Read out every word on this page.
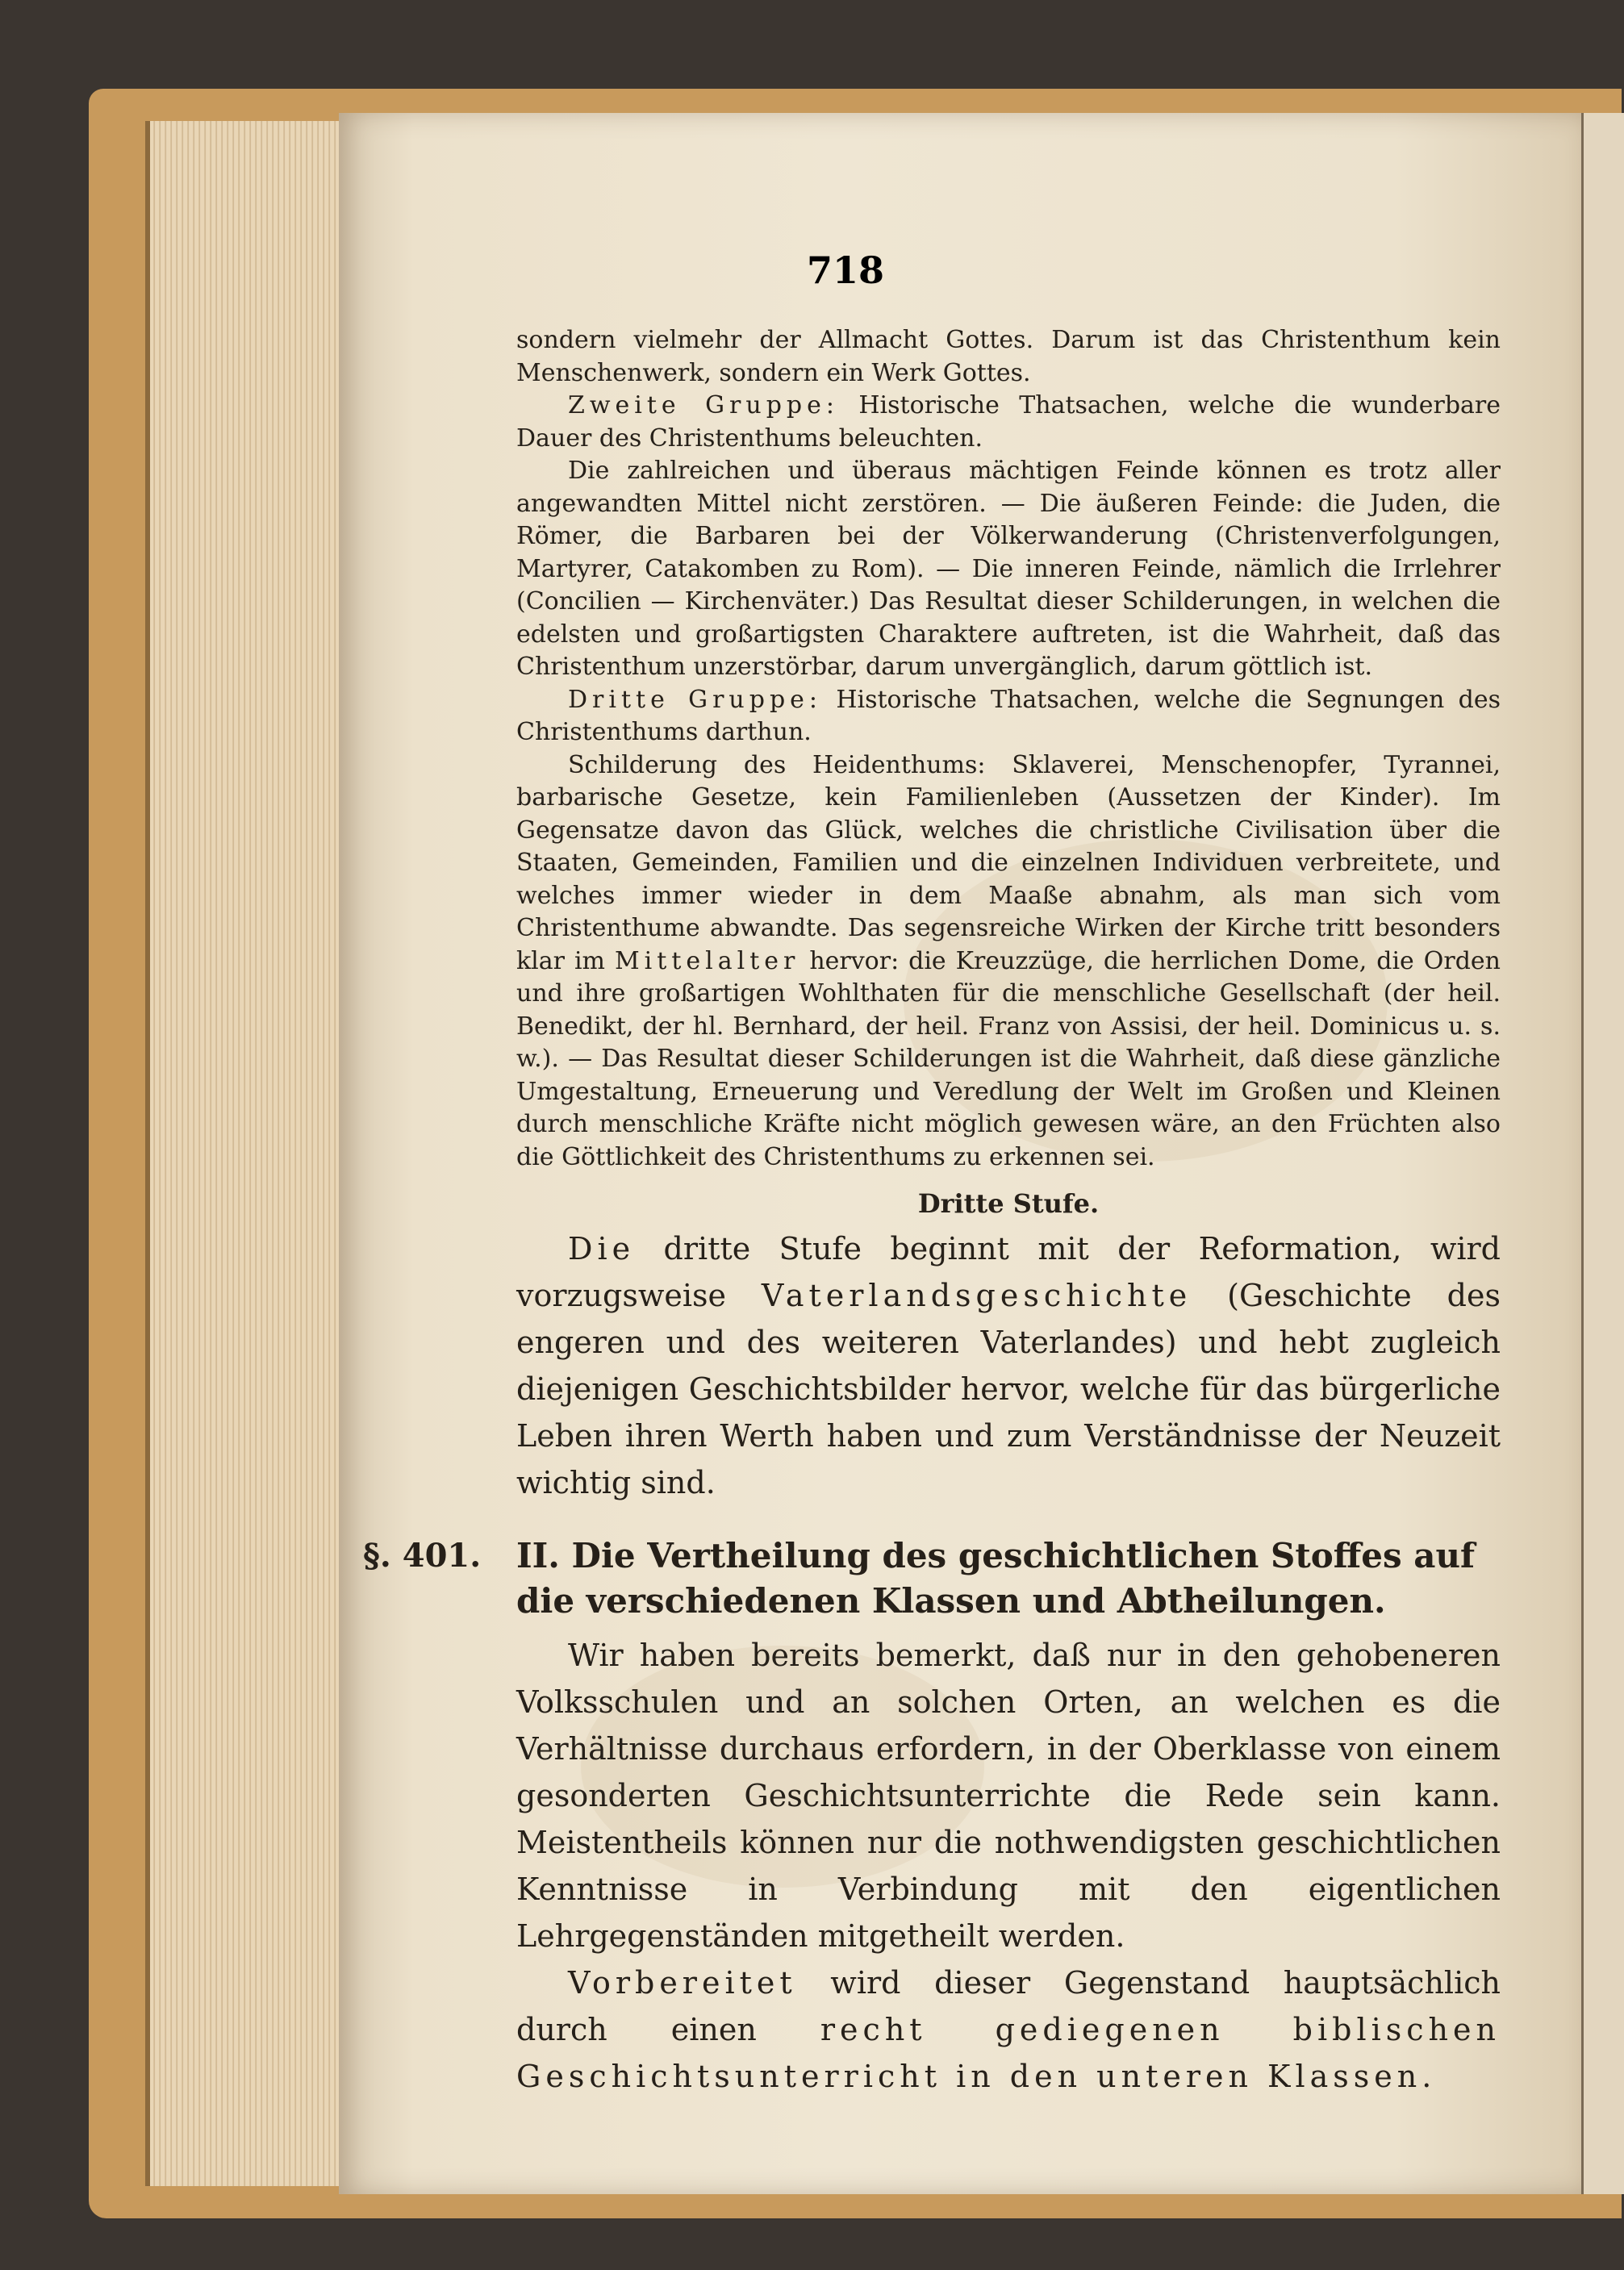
718

sondern vielmehr der Allmacht Gottes. Darum ist das Christenthum kein Menschenwerk, sondern ein Werk Gottes.

Zweite Gruppe: Historische Thatsachen, welche die wunderbare Dauer des Christenthums beleuchten.

Die zahlreichen und überaus mächtigen Feinde können es trotz aller angewandten Mittel nicht zerstören. — Die äußeren Feinde: die Juden, die Römer, die Barbaren bei der Völkerwanderung (Christenverfolgungen, Martyrer, Catakomben zu Rom). — Die inneren Feinde, nämlich die Irrlehrer (Concilien — Kirchenväter.) Das Resultat dieser Schilderungen, in welchen die edelsten und großartigsten Charaktere auftreten, ist die Wahrheit, daß das Christenthum unzerstörbar, darum unvergänglich, darum göttlich ist.

Dritte Gruppe: Historische Thatsachen, welche die Segnungen des Christenthums darthun.

Schilderung des Heidenthums: Sklaverei, Menschenopfer, Tyrannei, barbarische Gesetze, kein Familienleben (Aussetzen der Kinder). Im Gegensatze davon das Glück, welches die christliche Civilisation über die Staaten, Gemeinden, Familien und die einzelnen Individuen verbreitete, und welches immer wieder in dem Maaße abnahm, als man sich vom Christenthume abwandte. Das segensreiche Wirken der Kirche tritt besonders klar im Mittelalter hervor: die Kreuzzüge, die herrlichen Dome, die Orden und ihre großartigen Wohlthaten für die menschliche Gesellschaft (der heil. Benedikt, der hl. Bernhard, der heil. Franz von Assisi, der heil. Dominicus u. s. w.). — Das Resultat dieser Schilderungen ist die Wahrheit, daß diese gänzliche Umgestaltung, Erneuerung und Veredlung der Welt im Großen und Kleinen durch menschliche Kräfte nicht möglich gewesen wäre, an den Früchten also die Göttlichkeit des Christenthums zu erkennen sei.

Dritte Stufe.

Die dritte Stufe beginnt mit der Reformation, wird vorzugsweise Vaterlandsgeschichte (Geschichte des engeren und des weiteren Vaterlandes) und hebt zugleich diejenigen Geschichtsbilder hervor, welche für das bürgerliche Leben ihren Werth haben und zum Verständnisse der Neuzeit wichtig sind.

§. 401. II. Die Vertheilung des geschichtlichen Stoffes auf die verschiedenen Klassen und Abtheilungen.

Wir haben bereits bemerkt, daß nur in den gehobeneren Volksschulen und an solchen Orten, an welchen es die Verhältnisse durchaus erfordern, in der Oberklasse von einem gesonderten Geschichtsunterrichte die Rede sein kann. Meistentheils können nur die nothwendigsten geschichtlichen Kenntnisse in Verbindung mit den eigentlichen Lehrgegenständen mitgetheilt werden.

Vorbereitet wird dieser Gegenstand hauptsächlich durch einen recht gediegenen biblischen Geschichtsunterricht in den unteren Klassen.
